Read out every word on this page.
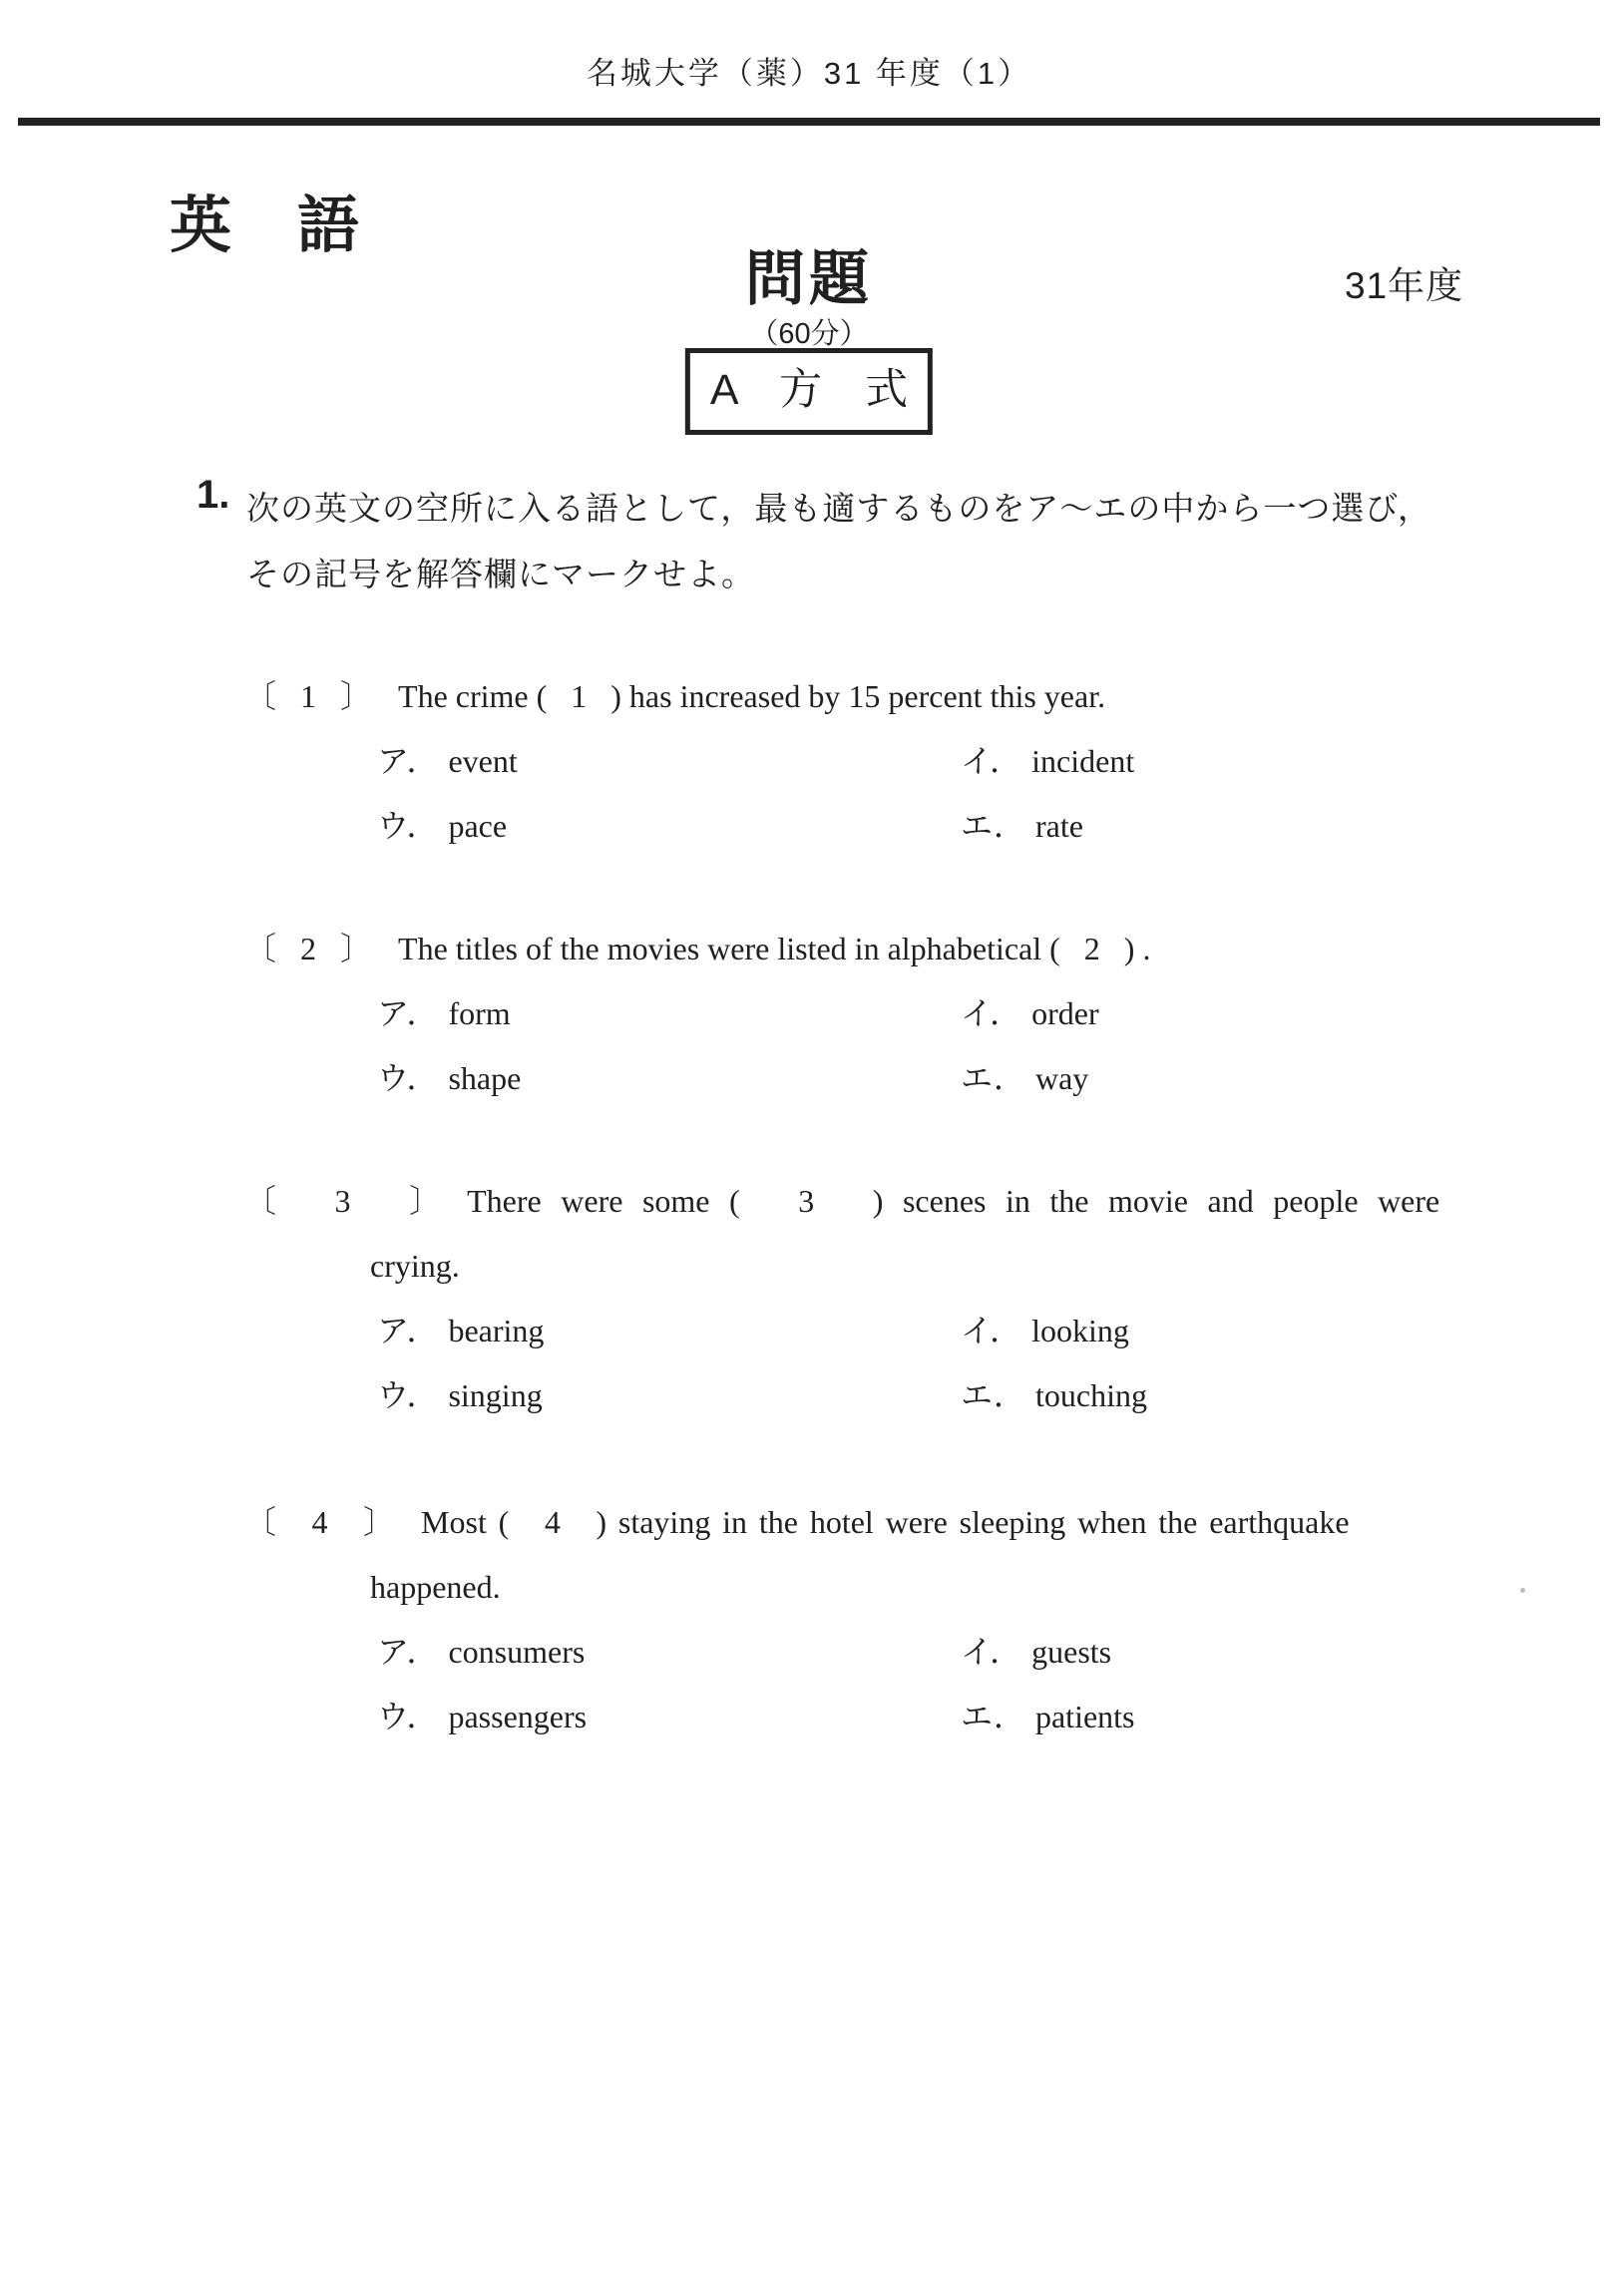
名城大学（薬）31 年度（1）
英　語
問題
（60分）
A　方　式
31年度
1. 次の英文の空所に入る語として，最も適するものをア～エの中から一つ選び，
その記号を解答欄にマークせよ。
〔   1   〕 The crime (   1   ) has increased by 15 percent this year.
ア． event	イ． incident
ウ． pace	エ． rate
〔   2   〕 The titles of the movies were listed in alphabetical (   2   ) .
ア． form	イ． order
ウ． shape	エ． way
〔   3   〕 There were some (   3   ) scenes in the movie and people were
crying.
ア． bearing	イ． looking
ウ． singing	エ． touching
〔   4   〕 Most (   4   ) staying in the hotel were sleeping when the earthquake
happened.
ア． consumers	イ． guests
ウ． passengers	エ． patients
